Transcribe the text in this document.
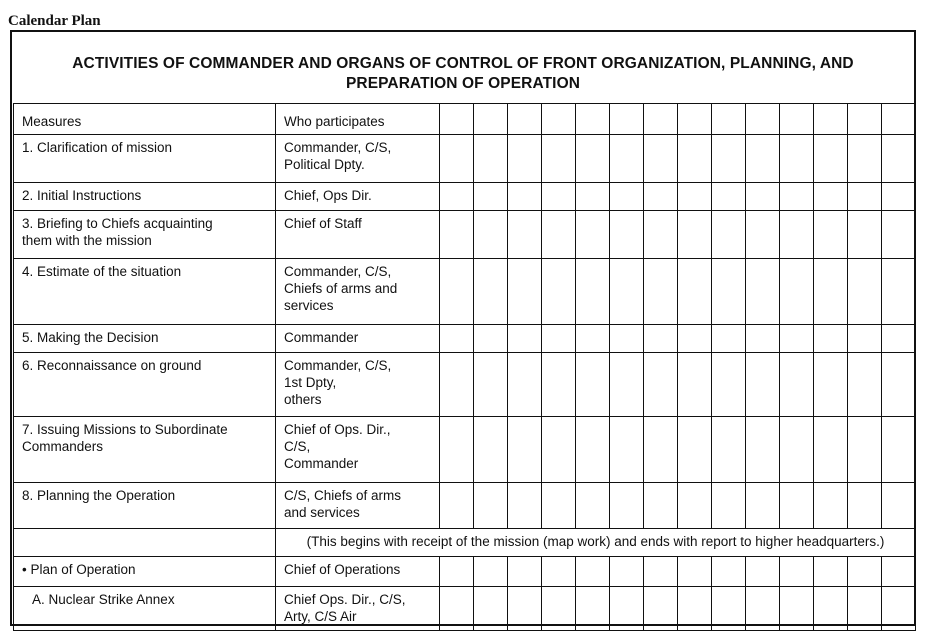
Calendar Plan
ACTIVITIES OF COMMANDER AND ORGANS OF CONTROL OF FRONT ORGANIZATION, PLANNING, AND
PREPARATION OF OPERATION
Measures	Who participates														

1. Clarification of mission	Commander, C/S,
Political Dpty.														

2. Initial Instructions	Chief, Ops Dir.														

3. Briefing to Chiefs acquainting
them with the mission	Chief of Staff														

4. Estimate of the situation	Commander, C/S,
Chiefs of arms and
services														

5. Making the Decision	Commander														

6. Reconnaissance on ground	Commander, C/S,
1st Dpty,
others														

7. Issuing Missions to Subordinate
Commanders	Chief of Ops. Dir.,
C/S,
Commander														

8. Planning the Operation	C/S, Chiefs of arms
and services														

	(This begins with receipt of the mission (map work) and ends with report to higher headquarters.)														

• Plan of Operation	Chief of Operations														

A. Nuclear Strike Annex	Chief Ops. Dir., C/S,
Arty, C/S Air														
